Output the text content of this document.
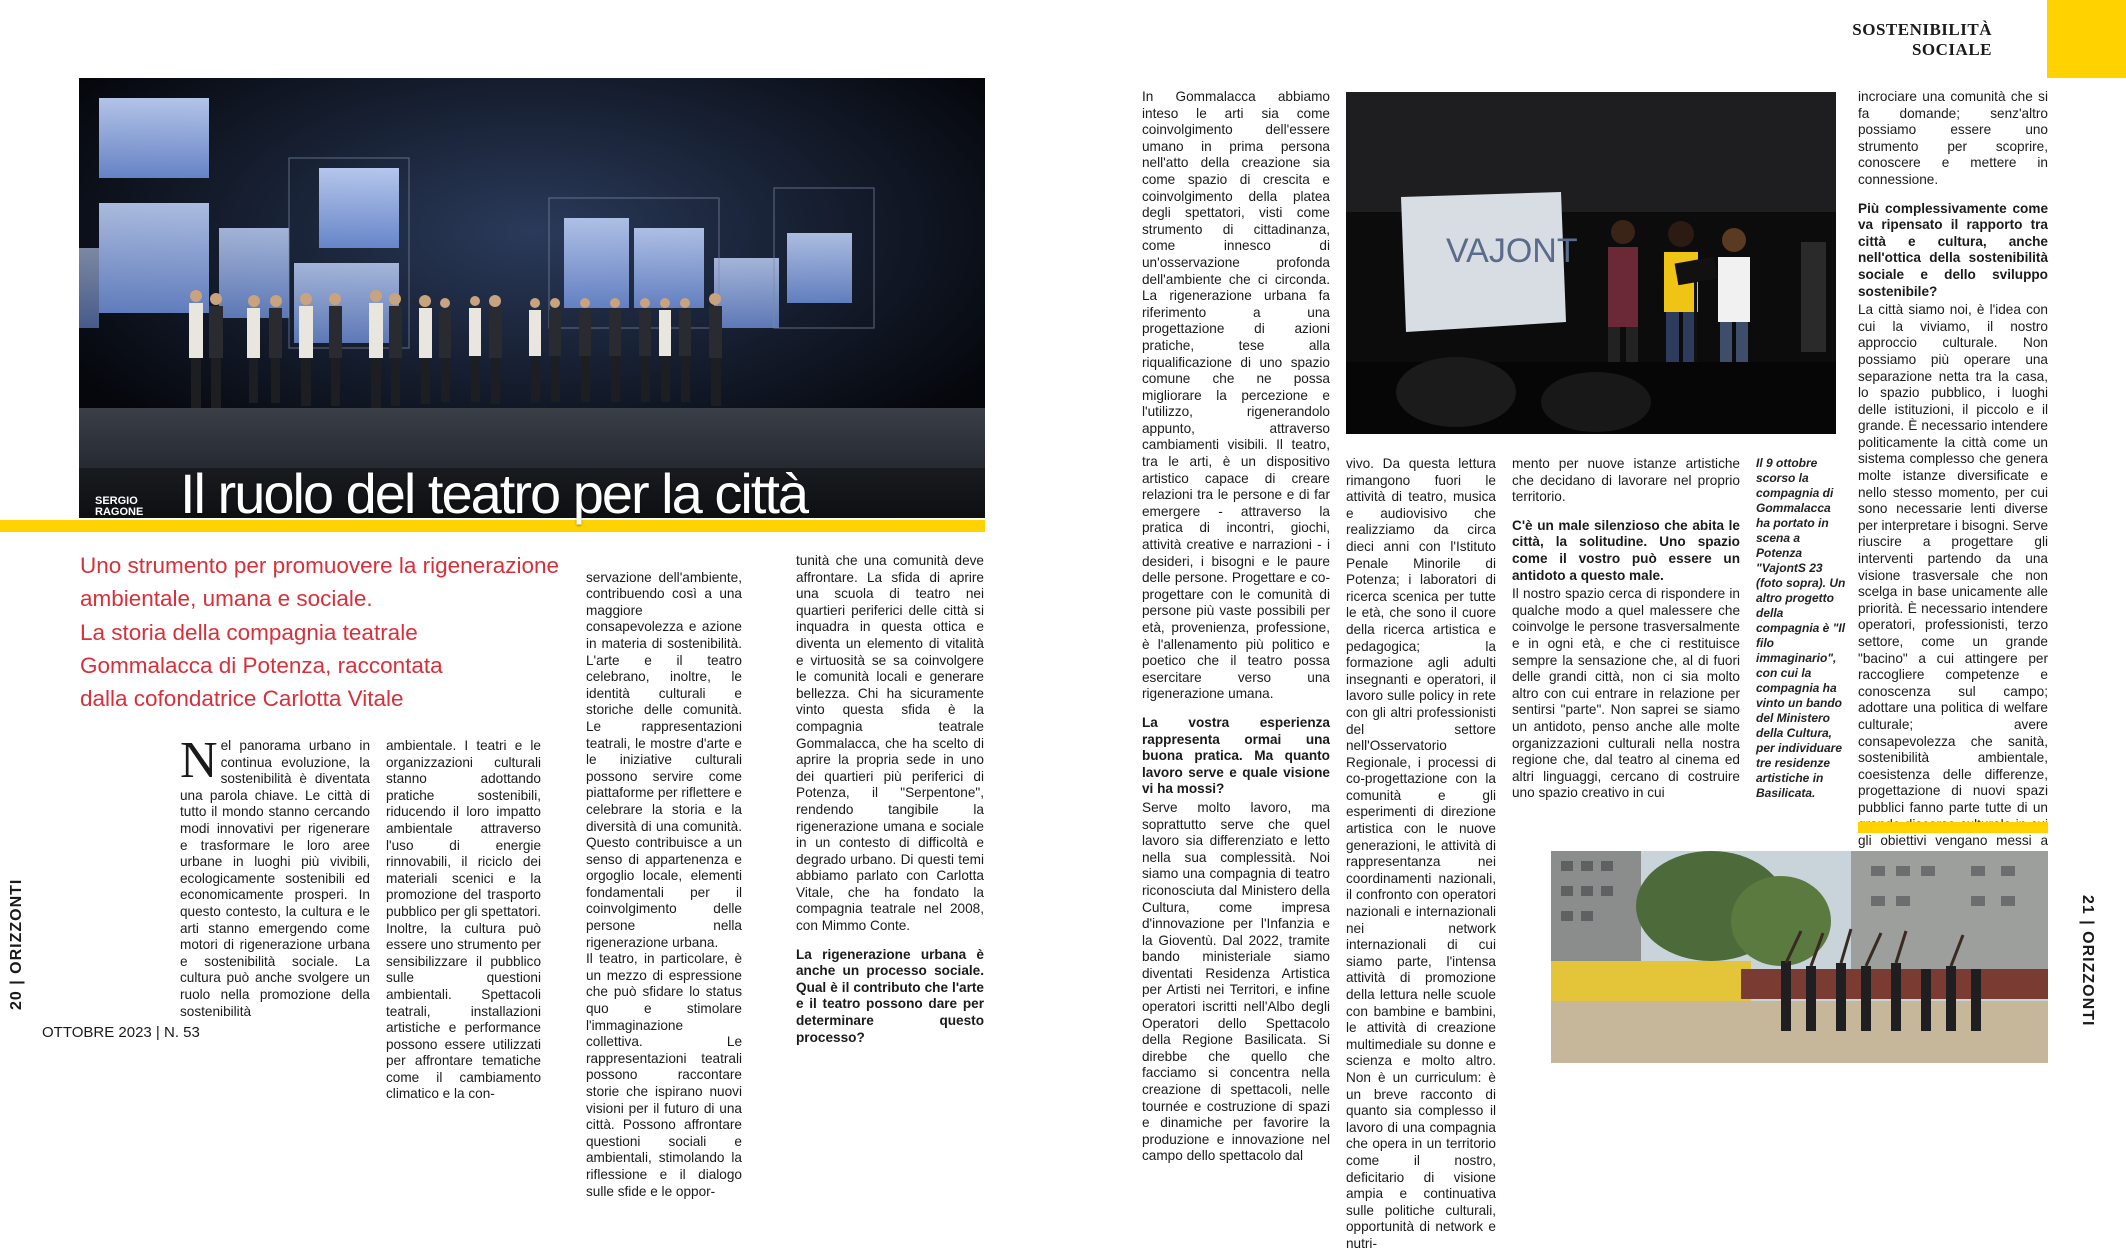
SERGIO
RAGONE Il ruolo del teatro per la città
Uno strumento per promuovere la rigenerazione ambientale, umana e sociale.
La storia della compagnia teatrale
Gommalacca di Potenza, raccontata
dalla cofondatrice Carlotta Vitale
N el panorama urbano in continua evoluzione, la sostenibilità è diventata una parola chiave. Le città di tutto il mondo stanno cercando modi innovativi per rigenerare e trasformare le loro aree urbane in luoghi più vivibili, ecologicamente sostenibili ed economicamente prosperi. In questo contesto, la cultura e le arti stanno emergendo come motori di rigenerazione urbana e sostenibilità sociale. La cultura può anche svolgere un ruolo nella promozione della sostenibilità

ambientale. I teatri e le organizzazioni culturali stanno adottando pratiche sostenibili, riducendo il loro impatto ambientale attraverso l'uso di energie rinnovabili, il riciclo dei materiali scenici e la promozione del trasporto pubblico per gli spettatori. Inoltre, la cultura può essere uno strumento per sensibilizzare il pubblico sulle questioni ambientali. Spettacoli teatrali, installazioni artistiche e performance possono essere utilizzati per affrontare tematiche come il cambiamento climatico e la con-

servazione dell'ambiente, contribuendo così a una maggiore consapevolezza e azione in materia di sostenibilità. L'arte e il teatro celebrano, inoltre, le identità culturali e storiche delle comunità. Le rappresentazioni teatrali, le mostre d'arte e le iniziative culturali possono servire come piattaforme per riflettere e celebrare la storia e la diversità di una comunità. Questo contribuisce a un senso di appartenenza e orgoglio locale, elementi fondamentali per il coinvolgimento delle persone nella rigenerazione urbana.
Il teatro, in particolare, è un mezzo di espressione che può sfidare lo status quo e stimolare l'immaginazione collettiva. Le rappresentazioni teatrali possono raccontare storie che ispirano nuovi visioni per il futuro di una città. Possono affrontare questioni sociali e ambientali, stimolando la riflessione e il dialogo sulle sfide e le oppor-

tunità che una comunità deve affrontare. La sfida di aprire una scuola di teatro nei quartieri periferici delle città si inquadra in questa ottica e diventa un elemento di vitalità e virtuosità se sa coinvolgere le comunità locali e generare bellezza. Chi ha sicuramente vinto questa sfida è la compagnia teatrale Gommalacca, che ha scelto di aprire la propria sede in uno dei quartieri più periferici di Potenza, il "Serpentone", rendendo tangibile la rigenerazione umana e sociale in un contesto di difficoltà e degrado urbano. Di questi temi abbiamo parlato con Carlotta Vitale, che ha fondato la compagnia teatrale nel 2008, con Mimmo Conte.

La rigenerazione urbana è anche un processo sociale. Qual è il contributo che l'arte e il teatro possono dare per determinare questo processo?

20 | ORIZZONTI
OTTOBRE 2023 | N. 53
SOSTENIBILITÀ SOCIALE

In Gommalacca abbiamo inteso le arti sia come coinvolgimento dell'essere umano in prima persona nell'atto della creazione sia come spazio di crescita e coinvolgimento della platea degli spettatori, visti come strumento di cittadinanza, come innesco di un'osservazione profonda dell'ambiente che ci circonda. La rigenerazione urbana fa riferimento a una progettazione di azioni pratiche, tese alla riqualificazione di uno spazio comune che ne possa migliorare la percezione e l'utilizzo, rigenerandolo appunto, attraverso cambiamenti visibili. Il teatro, tra le arti, è un dispositivo artistico capace di creare relazioni tra le persone e di far emergere - attraverso la pratica di incontri, giochi, attività creative e narrazioni - i desideri, i bisogni e le paure delle persone. Progettare e co-progettare con le comunità di persone più vaste possibili per età, provenienza, professione, è l'allenamento più politico e poetico che il teatro possa esercitare verso una rigenerazione umana.

La vostra esperienza rappresenta ormai una buona pratica. Ma quanto lavoro serve e quale visione vi ha mossi?

Serve molto lavoro, ma soprattutto serve che quel lavoro sia differenziato e letto nella sua complessità. Noi siamo una compagnia di teatro riconosciuta dal Ministero della Cultura, come impresa d'innovazione per l'Infanzia e la Gioventù. Dal 2022, tramite bando ministeriale siamo diventati Residenza Artistica per Artisti nei Territori, e infine operatori iscritti nell'Albo degli Operatori dello Spettacolo della Regione Basilicata. Si direbbe che quello che facciamo si concentra nella creazione di spettacoli, nelle tournée e costruzione di spazi e dinamiche per favorire la produzione e innovazione nel campo dello spettacolo dal

VAJONT

vivo. Da questa lettura rimangono fuori le attività di teatro, musica e audiovisivo che realizziamo da circa dieci anni con l'Istituto Penale Minorile di Potenza; i laboratori di ricerca scenica per tutte le età, che sono il cuore della ricerca artistica e pedagogica; la formazione agli adulti insegnanti e operatori, il lavoro sulle policy in rete con gli altri professionisti del settore nell'Osservatorio Regionale, i processi di co-progettazione con la comunità e gli esperimenti di direzione artistica con le nuove generazioni, le attività di rappresentanza nei coordinamenti nazionali, il confronto con operatori nazionali e internazionali nei network internazionali di cui siamo parte, l'intensa attività di promozione della lettura nelle scuole con bambine e bambini, le attività di creazione multimediale su donne e scienza e molto altro. Non è un curriculum: è un breve racconto di quanto sia complesso il lavoro di una compagnia che opera in un territorio come il nostro, deficitario di visione ampia e continuativa sulle politiche culturali, opportunità di network e nutri-

mento per nuove istanze artistiche che decidano di lavorare nel proprio territorio.

C'è un male silenzioso che abita le città, la solitudine. Uno spazio come il vostro può essere un antidoto a questo male.

Il nostro spazio cerca di rispondere in qualche modo a quel malessere che coinvolge le persone trasversalmente e in ogni età, e che ci restituisce sempre la sensazione che, al di fuori delle grandi città, non ci sia molto altro con cui entrare in relazione per sentirsi "parte". Non saprei se siamo un antidoto, penso anche alle molte organizzazioni culturali nella nostra regione che, dal teatro al cinema ed altri linguaggi, cercano di costruire uno spazio creativo in cui

Il 9 ottobre scorso la compagnia di Gommalacca ha portato in scena a Potenza "VajontS 23 (foto sopra). Un altro progetto della compagnia è "Il filo immaginario", con cui la compagnia ha vinto un bando del Ministero della Cultura, per individuare tre residenze artistiche in Basilicata.

incrociare una comunità che si fa domande; senz'altro possiamo essere uno strumento per scoprire, conoscere e mettere in connessione.

Più complessivamente come va ripensato il rapporto tra città e cultura, anche nell'ottica della sostenibilità sociale e dello sviluppo sostenibile?

La città siamo noi, è l'idea con cui la viviamo, il nostro approccio culturale. Non possiamo più operare una separazione netta tra la casa, lo spazio pubblico, i luoghi delle istituzioni, il piccolo e il grande. È necessario intendere politicamente la città come un sistema complesso che genera molte istanze diversificate e nello stesso momento, per cui sono necessarie lenti diverse per interpretare i bisogni. Serve riuscire a progettare gli interventi partendo da una visione trasversale che non scelga in base unicamente alle priorità. È necessario intendere operatori, professionisti, terzo settore, come un grande "bacino" a cui attingere per raccogliere competenze e conoscenza sul campo; adottare una politica di welfare culturale; avere consapevolezza che sanità, sostenibilità ambientale, coesistenza delle differenze, progettazione di nuovi spazi pubblici fanno parte tutte di un gli obiettivi vengano messi a

21 | ORIZZONTI
